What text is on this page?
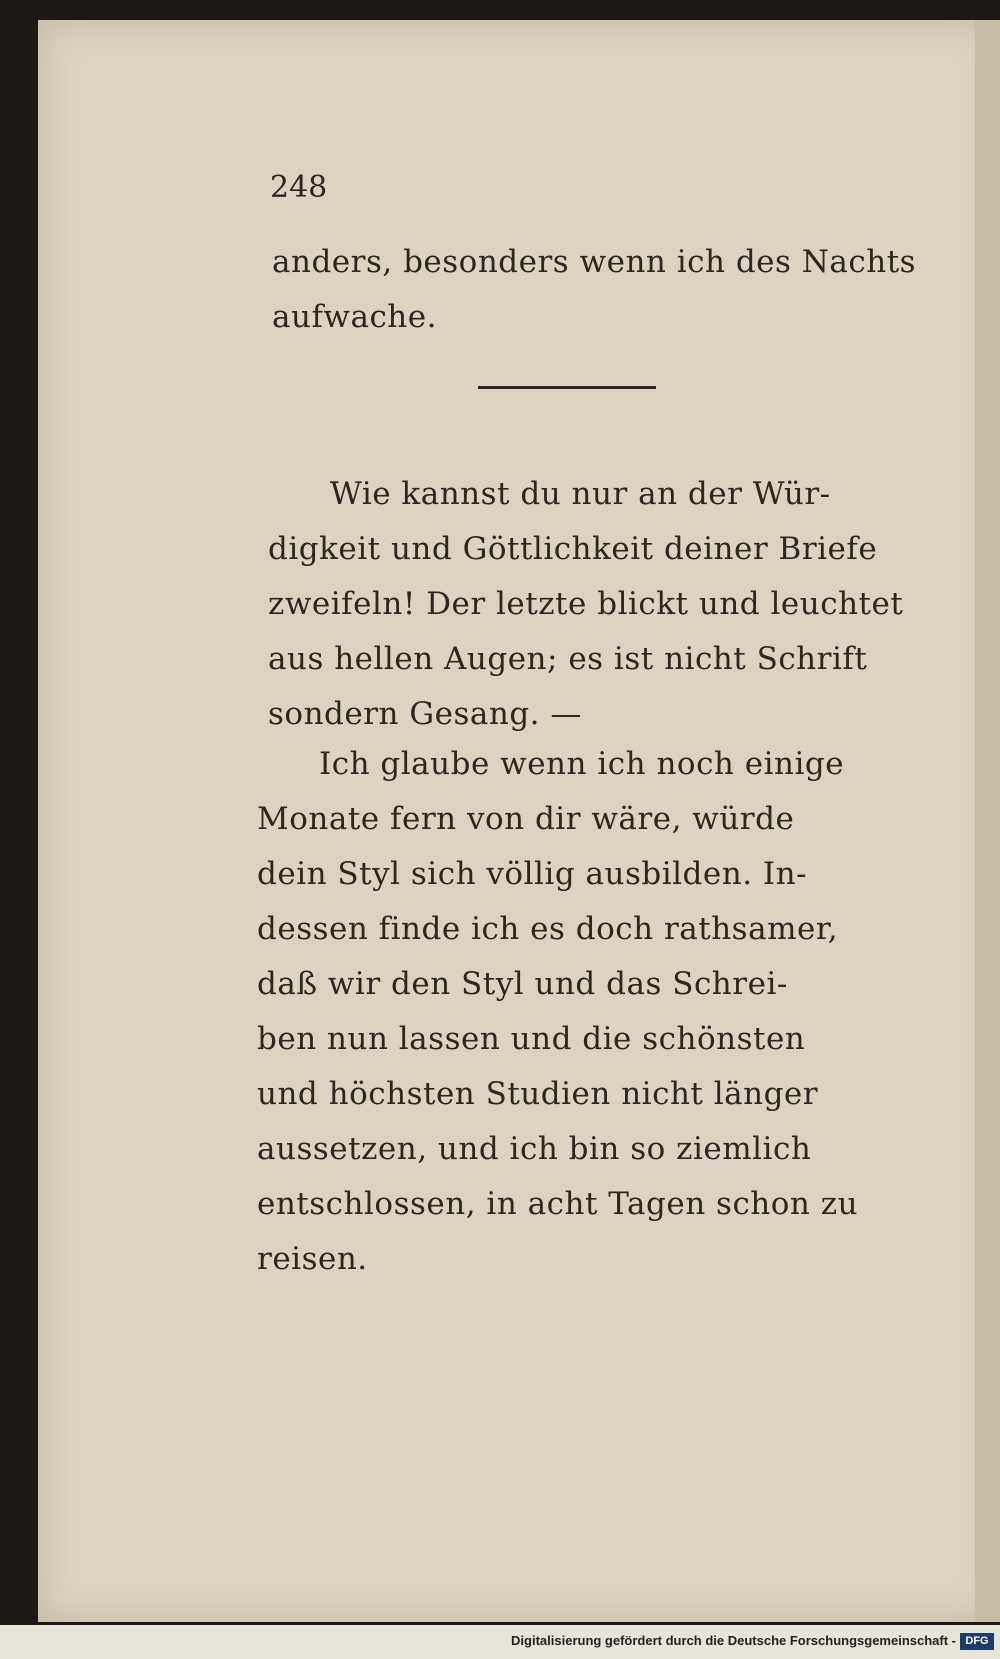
248
anders, besonders wenn ich des Nachts
aufwache.
Wie kannst du nur an der Wür-
digkeit und Göttlichkeit deiner Briefe
zweifeln! Der letzte blickt und leuchtet
aus hellen Augen; es ist nicht Schrift
sondern Gesang. —
Ich glaube wenn ich noch einige
Monate fern von dir wäre, würde
dein Styl sich völlig ausbilden. In-
dessen finde ich es doch rathsamer,
daß wir den Styl und das Schrei-
ben nun lassen und die schönsten
und höchsten Studien nicht länger
aussetzen, und ich bin so ziemlich
entschlossen, in acht Tagen schon zu
reisen.
Digitalisierung gefördert durch die Deutsche Forschungsgemeinschaft - DFG
